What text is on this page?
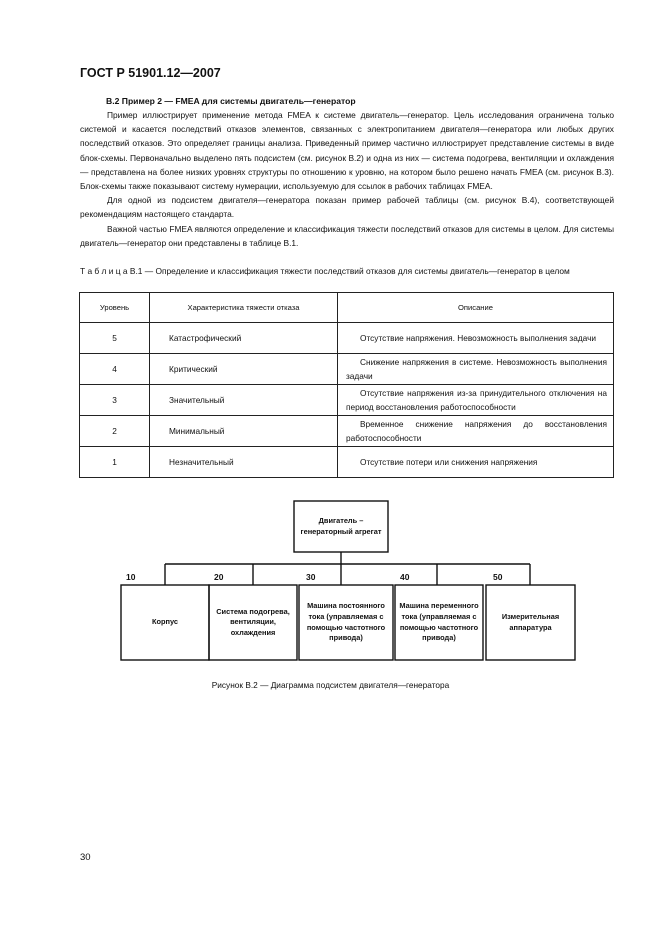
ГОСТ Р 51901.12—2007
В.2 Пример 2 — FMEA для системы двигатель—генератор

Пример иллюстрирует применение метода FMEA к системе двигатель—генератор. Цель исследования ограничена только системой и касается последствий отказов элементов, связанных с электропитанием двигателя—генератора или любых других последствий отказов. Это определяет границы анализа. Приведенный пример частично иллюстрирует представление системы в виде блок-схемы. Первоначально выделено пять подсистем (см. рисунок В.2) и одна из них — система подогрева, вентиляции и охлаждения — представлена на более низких уровнях структуры по отношению к уровню, на котором было решено начать FMEA (см. рисунок В.3). Блок-схемы также показывают систему нумерации, используемую для ссылок в рабочих таблицах FMEA.

Для одной из подсистем двигателя—генератора показан пример рабочей таблицы (см. рисунок В.4), соответствующей рекомендациям настоящего стандарта.

Важной частью FMEA являются определение и классификация тяжести последствий отказов для системы в целом. Для системы двигатель—генератор они представлены в таблице В.1.

Т а б л и ц а В.1 — Определение и классификация тяжести последствий отказов для системы двигатель—генератор в целом
Уровень	Характеристика тяжести отказа	Описание
5	Катастрофический	Отсутствие напряжения. Невозможность выполнения задачи
4	Критический	Снижение напряжения в системе. Невозможность выполнения задачи
3	Значительный	Отсутствие напряжения из-за принудительного отключения на период восстановления работоспособности
2	Минимальный	Временное снижение напряжения до восстановления работоспособности
1	Незначительный	Отсутствие потери или снижения напряжения
Двигатель – генераторный агрегат
10	20	30	40	50
Корпус
Система подогрева, вентиляции, охлаждения
Машина постоянного тока (управляемая с помощью частотного привода)
Машина переменного тока (управляемая с помощью частотного привода)
Измерительная аппаратура
Рисунок В.2 — Диаграмма подсистем двигателя—генератора
30
